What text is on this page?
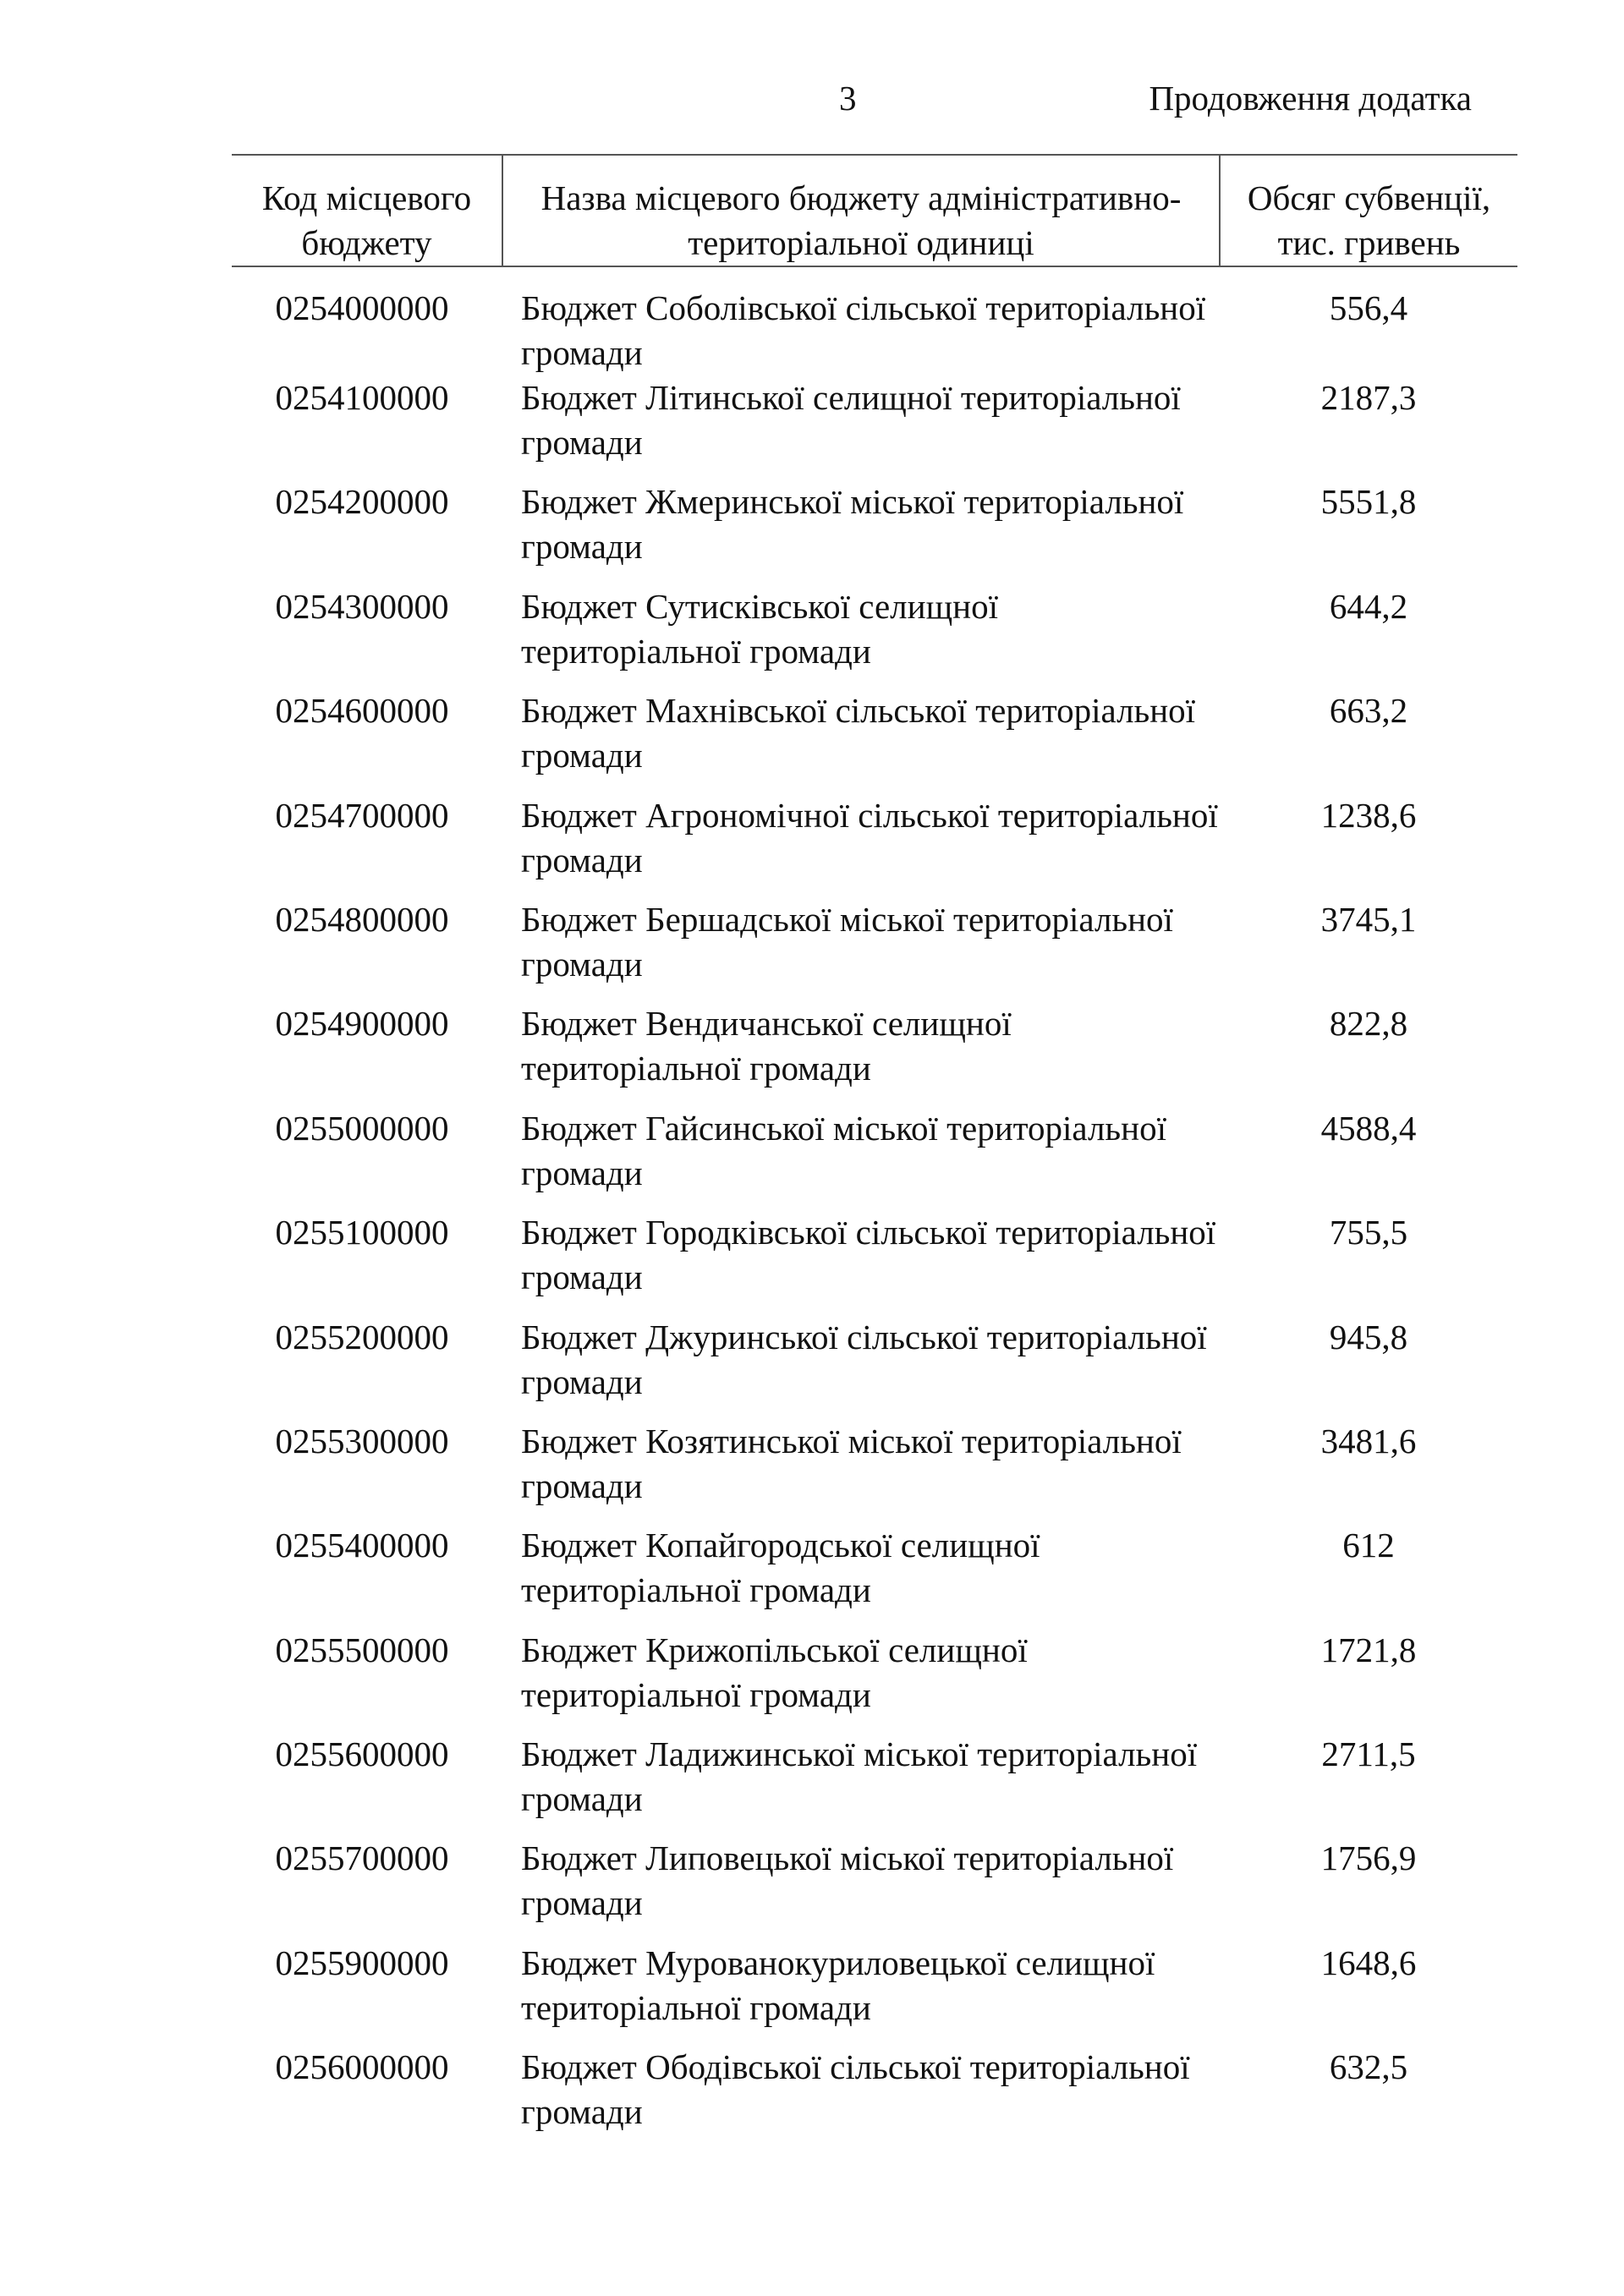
3	Продовження додатка
Код місцевого бюджету	Назва місцевого бюджету адміністративно-територіальної одиниці	Обсяг субвенції, тис. гривень
0254000000	Бюджет Соболівської сільської територіальної громади	556,4
0254100000	Бюджет Літинської селищної територіальної громади	2187,3
0254200000	Бюджет Жмеринської міської територіальної громади	5551,8
0254300000	Бюджет Сутисківської селищної територіальної громади	644,2
0254600000	Бюджет Махнівської сільської територіальної громади	663,2
0254700000	Бюджет Агрономічної сільської територіальної громади	1238,6
0254800000	Бюджет Бершадської міської територіальної громади	3745,1
0254900000	Бюджет Вендичанської селищної територіальної громади	822,8
0255000000	Бюджет Гайсинської міської територіальної громади	4588,4
0255100000	Бюджет Городківської сільської територіальної громади	755,5
0255200000	Бюджет Джуринської сільської територіальної громади	945,8
0255300000	Бюджет Козятинської міської територіальної громади	3481,6
0255400000	Бюджет Копайгородської селищної територіальної громади	612
0255500000	Бюджет Крижопільської селищної територіальної громади	1721,8
0255600000	Бюджет Ладижинської міської територіальної громади	2711,5
0255700000	Бюджет Липовецької міської територіальної громади	1756,9
0255900000	Бюджет Мурованокуриловецької селищної територіальної громади	1648,6
0256000000	Бюджет Ободівської сільської територіальної громади	632,5
